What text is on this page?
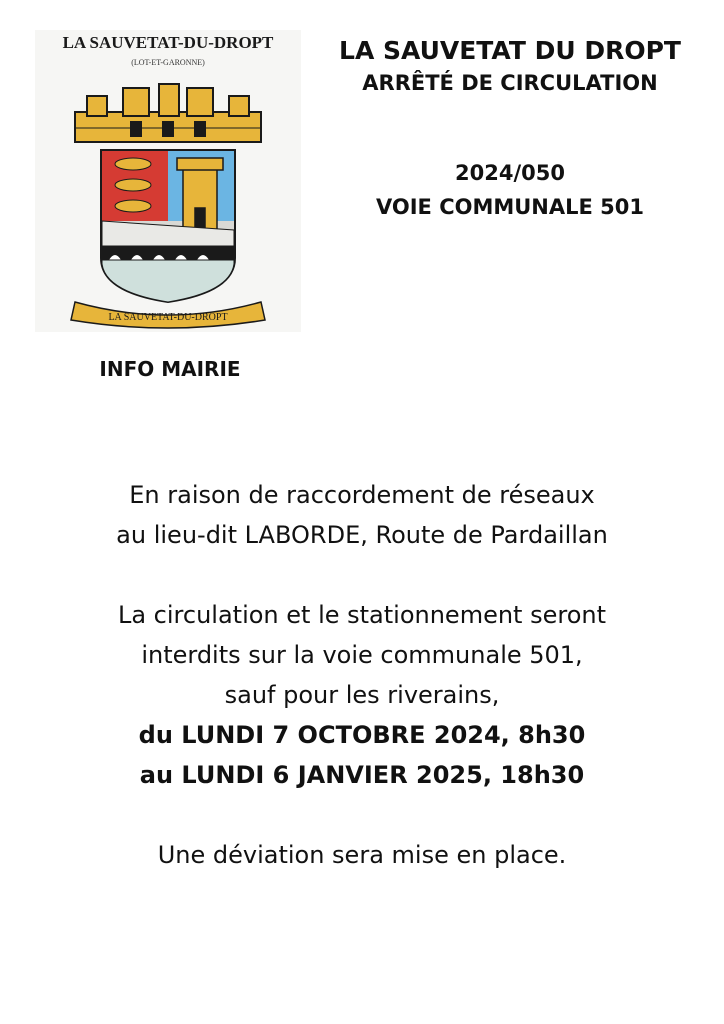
LA SAUVETAT-DU-DROPT
(LOT-ET-GARONNE)
LA SAUVETAT-DU-DROPT

LA SAUVETAT DU DROPT

ARRÊTÉ DE CIRCULATION

2024/050

VOIE COMMUNALE 501

INFO MAIRIE

En raison de raccordement de réseaux

au lieu-dit LABORDE, Route de Pardaillan

La circulation et le stationnement seront

interdits sur la voie communale 501,

sauf pour les riverains,

du LUNDI 7 OCTOBRE 2024, 8h30

au LUNDI 6 JANVIER 2025, 18h30

Une déviation sera mise en place.
